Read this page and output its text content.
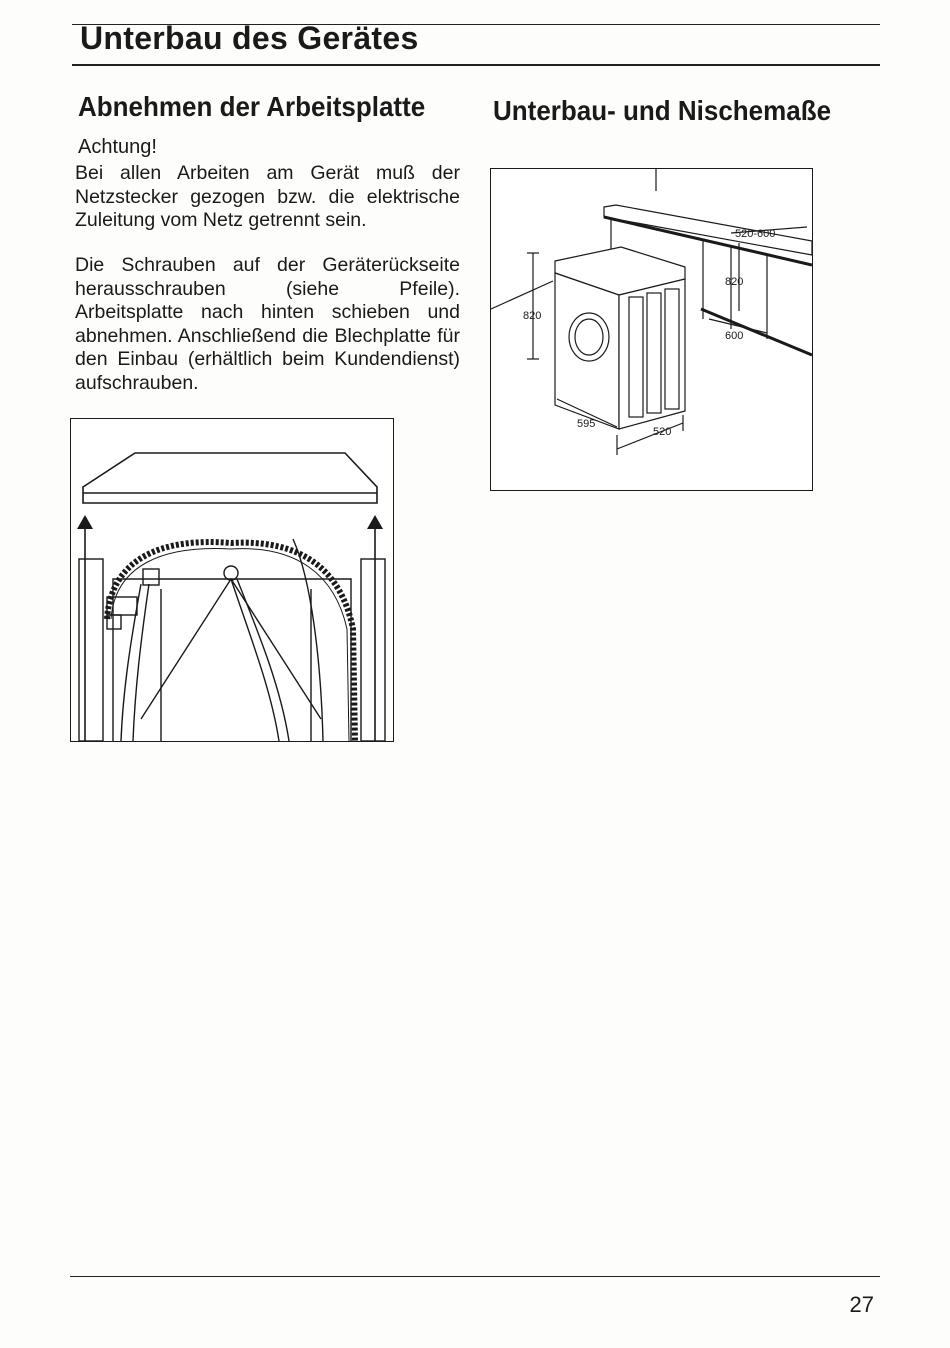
Unterbau des Gerätes
Abnehmen der Arbeitsplatte
Achtung!

Bei allen Arbeiten am Gerät muß der Netzstecker gezogen bzw. die elektrische Zuleitung vom Netz getrennt sein.

Die Schrauben auf der Geräterückseite herausschrauben (siehe Pfeile). Arbeitsplatte nach hinten schieben und abnehmen. Anschließend die Blechplatte für den Einbau (erhältlich beim Kundendienst) aufschrauben.

Unterbau- und Nischemaße
520-600
820
600
820
595
520
27
